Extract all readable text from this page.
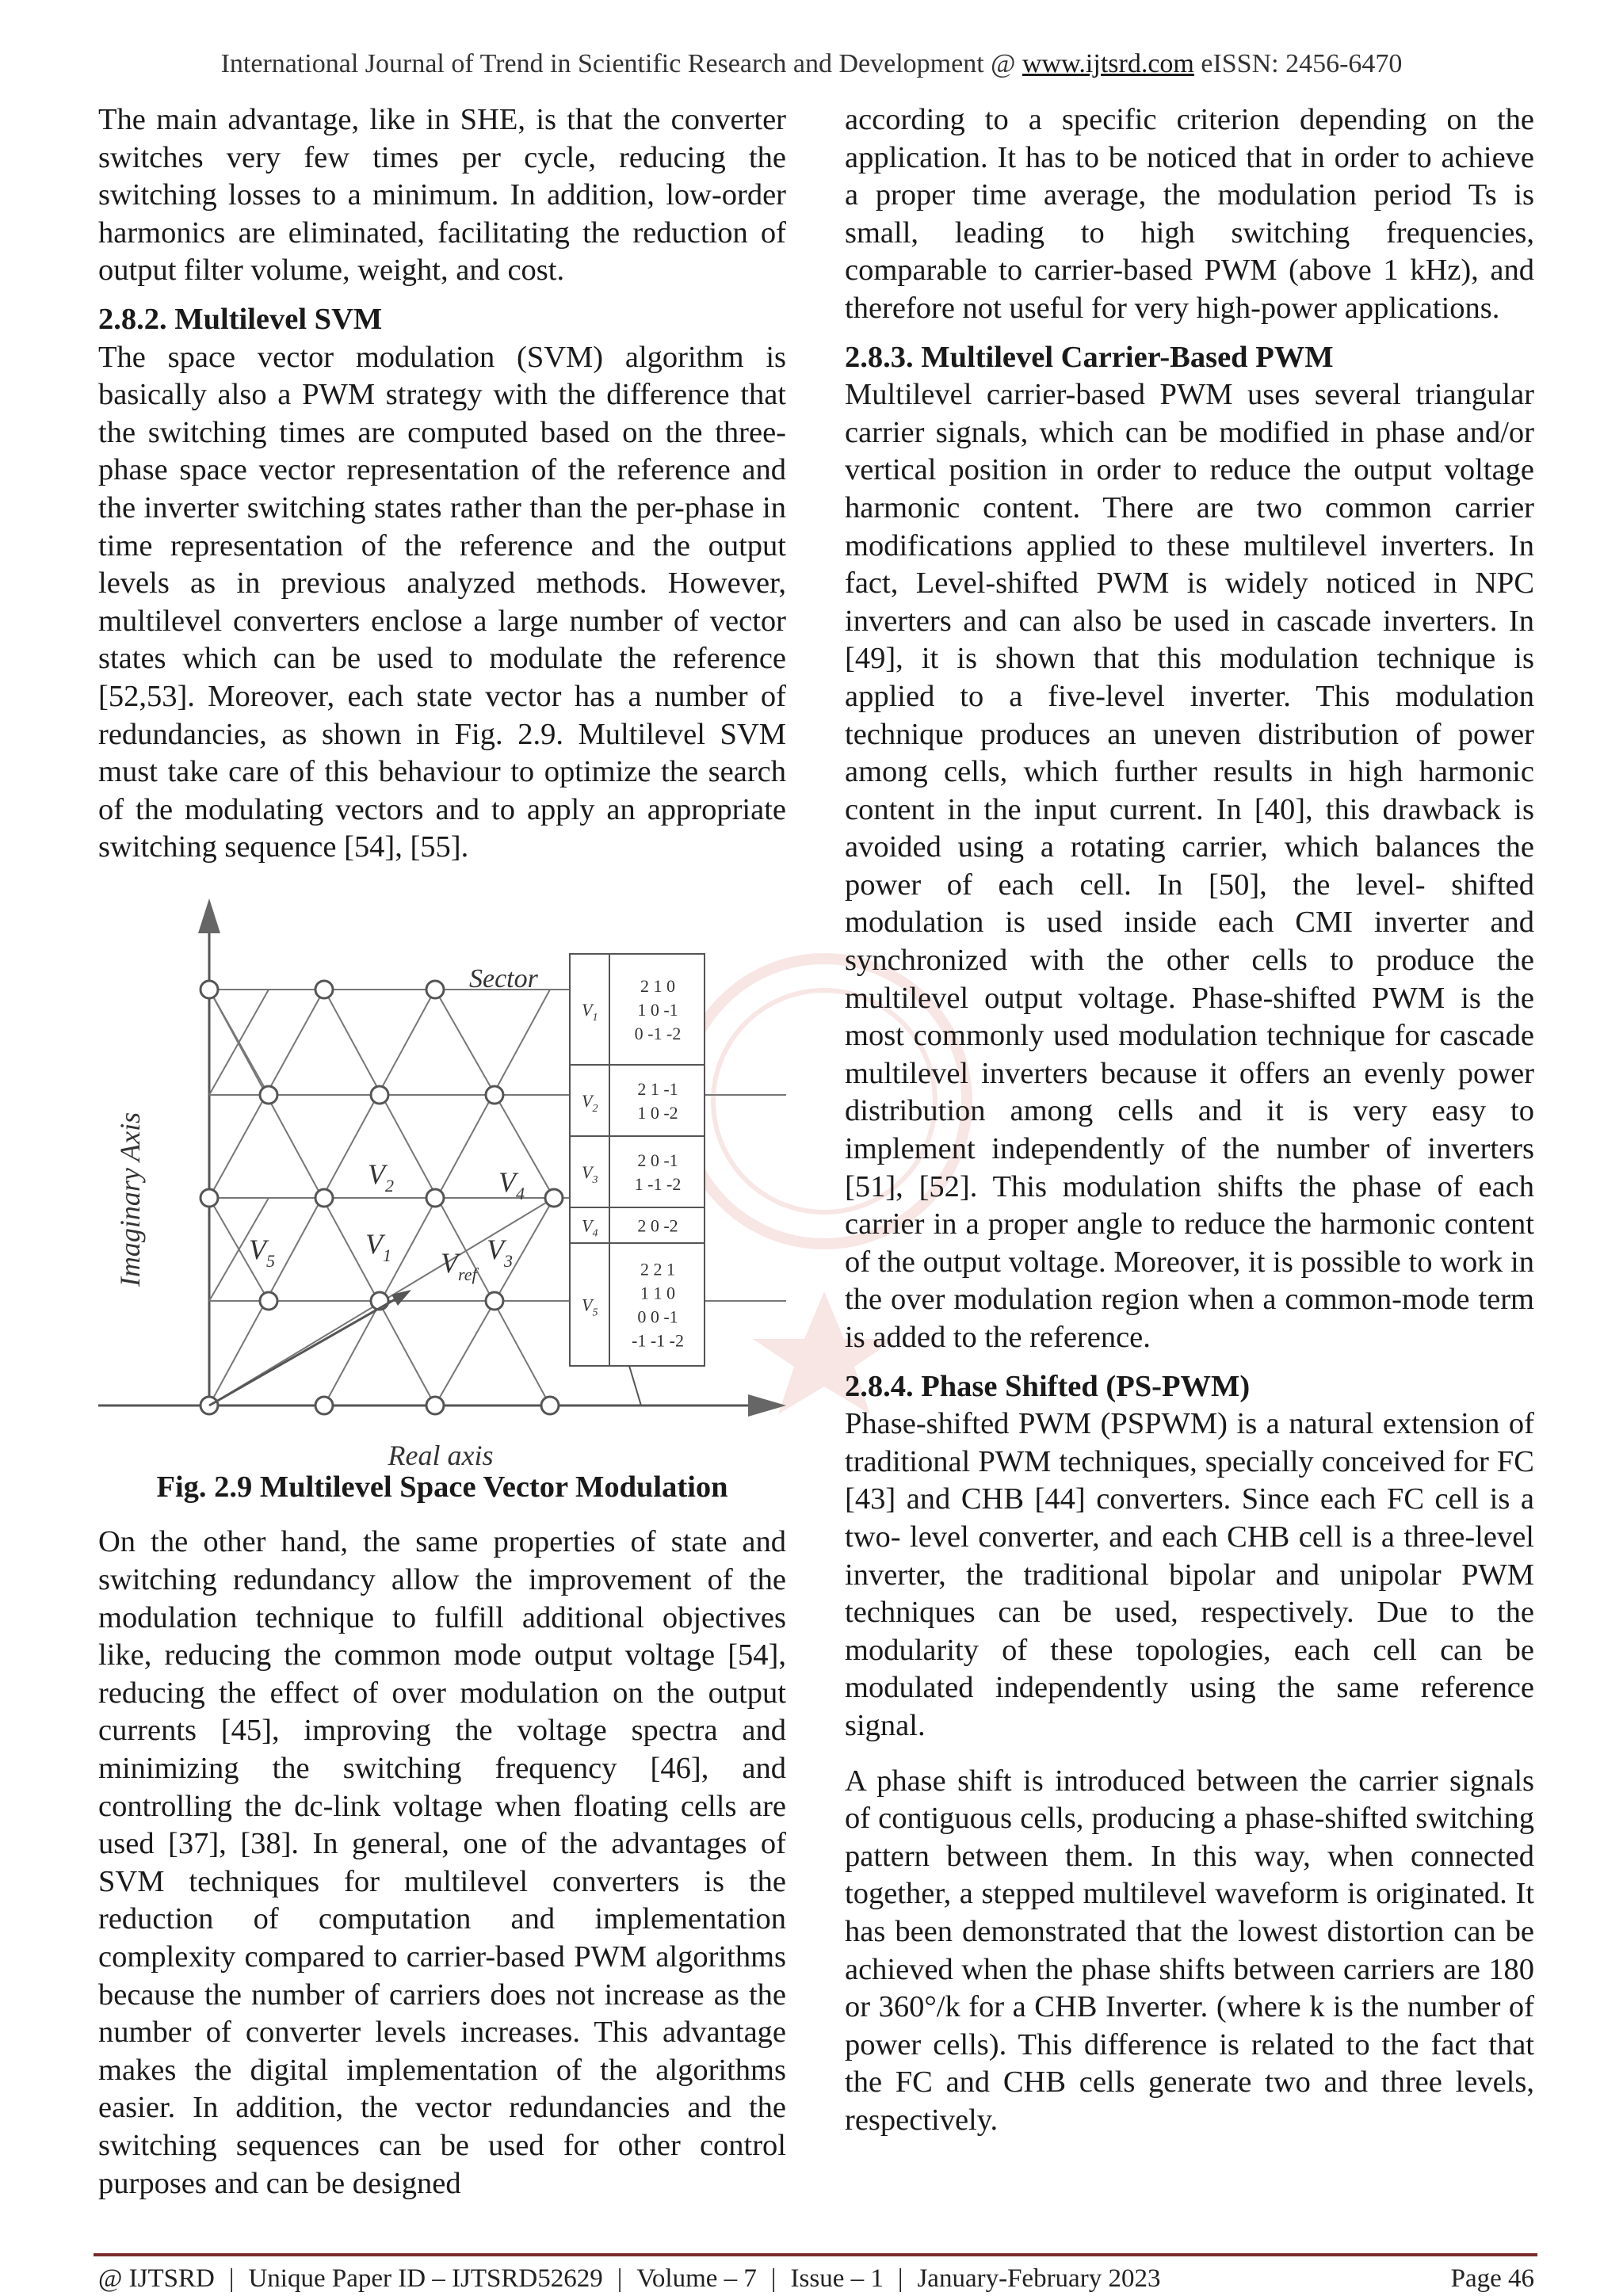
International Journal of Trend in Scientific Research and Development @ www.ijtsrd.com eISSN: 2456-6470

The main advantage, like in SHE, is that the converter switches very few times per cycle, reducing the switching losses to a minimum. In addition, low-order harmonics are eliminated, facilitating the reduction of output filter volume, weight, and cost.

2.8.2. Multilevel SVM

The space vector modulation (SVM) algorithm is basically also a PWM strategy with the difference that the switching times are computed based on the three-phase space vector representation of the reference and the inverter switching states rather than the per-phase in time representation of the reference and the output levels as in previous analyzed methods. However, multilevel converters enclose a large number of vector states which can be used to modulate the reference [52,53]. Moreover, each state vector has a number of redundancies, as shown in Fig. 2.9. Multilevel SVM must take care of this behaviour to optimize the search of the modulating vectors and to apply an appropriate switching sequence [54], [55].

Imaginary Axis
Real axis
Sector
$V_5$
$V_2$
$V_1$ $V_{ref}$
$V_3$
$V_4$
$V_1$
2 1 0
1 0 -1
0 -1 -2
$V_2$
2 1 -1
1 0 -2
$V_3$
2 0 -1
1 -1 -2
$V_4$ 2 0 -2
$V_5$
2 2 1
1 1 0
0 0 -1
-1 -1 -2

Fig. 2.9 Multilevel Space Vector Modulation

On the other hand, the same properties of state and switching redundancy allow the improvement of the modulation technique to fulfill additional objectives like, reducing the common mode output voltage [54], reducing the effect of over modulation on the output currents [45], improving the voltage spectra and minimizing the switching frequency [46], and controlling the dc-link voltage when floating cells are used [37], [38]. In general, one of the advantages of SVM techniques for multilevel converters is the reduction of computation and implementation complexity compared to carrier-based PWM algorithms because the number of carriers does not increase as the number of converter levels increases. This advantage makes the digital implementation of the algorithms easier. In addition, the vector redundancies and the switching sequences can be used for other control purposes and can be designed

according to a specific criterion depending on the application. It has to be noticed that in order to achieve a proper time average, the modulation period Ts is small, leading to high switching frequencies, comparable to carrier-based PWM (above 1 kHz), and therefore not useful for very high-power applications.

2.8.3. Multilevel Carrier-Based PWM

Multilevel carrier-based PWM uses several triangular carrier signals, which can be modified in phase and/or vertical position in order to reduce the output voltage harmonic content. There are two common carrier modifications applied to these multilevel inverters. In fact, Level-shifted PWM is widely noticed in NPC inverters and can also be used in cascade inverters. In [49], it is shown that this modulation technique is applied to a five-level inverter. This modulation technique produces an uneven distribution of power among cells, which further results in high harmonic content in the input current. In [40], this drawback is avoided using a rotating carrier, which balances the power of each cell. In [50], the level- shifted modulation is used inside each CMI inverter and synchronized with the other cells to produce the multilevel output voltage. Phase-shifted PWM is the most commonly used modulation technique for cascade multilevel inverters because it offers an evenly power distribution among cells and it is very easy to implement independently of the number of inverters [51], [52]. This modulation shifts the phase of each carrier in a proper angle to reduce the harmonic content of the output voltage. Moreover, it is possible to work in the over modulation region when a common-mode term is added to the reference.

2.8.4. Phase Shifted (PS-PWM)

Phase-shifted PWM (PSPWM) is a natural extension of traditional PWM techniques, specially conceived for FC [43] and CHB [44] converters. Since each FC cell is a two- level converter, and each CHB cell is a three-level inverter, the traditional bipolar and unipolar PWM techniques can be used, respectively. Due to the modularity of these topologies, each cell can be modulated independently using the same reference signal.

A phase shift is introduced between the carrier signals of contiguous cells, producing a phase-shifted switching pattern between them. In this way, when connected together, a stepped multilevel waveform is originated. It has been demonstrated that the lowest distortion can be achieved when the phase shifts between carriers are 180 or 360°/k for a CHB Inverter. (where k is the number of power cells). This difference is related to the fact that the FC and CHB cells generate two and three levels, respectively.

@ IJTSRD | Unique Paper ID – IJTSRD52629 | Volume – 7 | Issue – 1 | January-February 2023	Page 46
